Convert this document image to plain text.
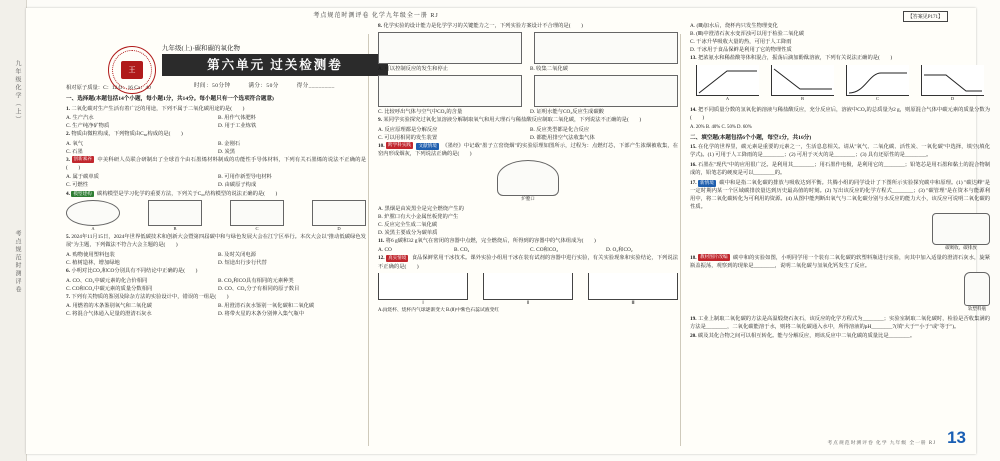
九年级化学（上）
考点规范时测评卷
考点规范时测评卷 化学九年级全一册 RJ	【答案见P171】
王
九年级(上)·碳和碳的氧化物
第六单元 过关检测卷
时间：50分钟	满分：50分	得分________

相对原子质量：C：12 O：16 Ca：40

一、选择题(本题包括14个小题，每小题1分，共14分。每小题只有一个选项符合题意)

1. 二氧化碳对生产生活有着广泛的用途，下列不属于二氧化碳用途的是(　　)

A. 生产汽水	B. 用作气体肥料
C. 生产纯净矿物质	D. 用于工业炼铁

2. 物质由微粒构成，下列物质由C₆₀构成的是(　　)

A. 氧气	B. 金刚石
C. 石墨	D. 炭黑

3. 创新素养 中美科研人员联合研制出了全球首个由石墨烯材料制成的功能性手导体材料，下列有关石墨烯的说法不正确的是(　　)

A. 属于碳单质	B. 可用作新型导电材料
C. 可燃性	D. 由碳原子构成

4. 模型建构 碳构模型是学习化学的重要方法，下列关于C₆₀结构模型的说法正确的是(　　)

A	B	C	D

5. 2024年11月15日，2024年世界低碳技术和创新大会暨第四届碳中和与绿色发展大会在江宁区举行。本次大会以"推动低碳绿色发展"为主题，下列做法不符合大会主题的是(　　)

A. 购物使用塑料包装	B. 及时关闭电源
C. 植树造林，增加绿地	D. 短途出行步行代替

6. 小明对比CO₂和CO分别具有不同结论中正确的是(　　)

A. CO、CO₂中碳元素的化合价相同	B. CO₂和CO具有相同的元素种类
C. CO和CO₂中碳元素的质量分数相同	D. CO、CO₂分子有相同的原子数目

7. 下列有关物质的鉴别及除杂方法的实验设计中，错误的一组是(　　)

A. 用燃着的木条鉴别氧气和二氧化碳	B. 用澄清石灰水鉴别一氧化碳和二氧化碳
C. 将混合气体通入足量的澄清石灰水	D. 将带火星的木条分别伸入集气瓶中

8. 化学实验的设计能力是化学学习的关键能力之一，下列实验方案设计不合理的是(　　)

A. 可以控制反应的发生和停止	B. 收集二氧化碳
C. 比较呼出气体与空气中CO₂的含量	D. 证明水能与CO₂反应生成碳酸

9. 某同学实验探究过氧化氢溶液分解制取氧气和用大理石与稀盐酸反应制取二氧化碳，下列说法不正确的是(　　)

A. 反应原理都是分解反应	B. 反应类型都是化合反应
C. 可以用相同的发生装置	D. 都能用排空气法收集气体

10. 跨学科实践 文献情境 《墨经》中记载"墨子立窑烧烟"的实验原理如图所示，过程为：点燃灯芯，下部产生浓烟被收集，在窑内形成烟灰，下列说法正确的是(　　)

炉膛口
A. 黑烟是由炭黑全是完全燃烧产生的
B. 炉膛口有大小金属丝板凳的产生
C. 反应完全生成二氧化碳
D. 炭黑主要成分为碳单质

11. 将6 g碳和32 g氧气在密闭的容器中点燃，完全燃烧后，所得到的容器中的气体组成为(　　)

A. CO	B. CO₂	C. CO和CO₂	D. O₂和CO₂

12. 真实情境 食品保鲜常用干冰技术。课外实验小组用干冰在装有试剂的容器中进行实验，有关实验现象和实验结论，下列说法不正确的是(　　)

Ⅰ	Ⅱ	Ⅲ

A.(Ⅰ)烧杯、烧杯内气球逐渐变大 B.(Ⅱ)中紫色石蕊试液变红

A. (Ⅲ)加水后，烧杯内只发生物理变化
B. (Ⅲ)中澄清石灰水变浑浊可以用于检验二氧化碳
C. 干冰升华吸收大量的热，可用于人工降雨
D. 干冰用于食品保鲜是利用了它的物理性质

13. 把浓氨水和稀盐酸等体积混合，振荡后滴加酚酞溶液，下列有关说法正确的是(　　)

A	B	C	D

14. 把不同质量分数的氢氧化钠溶液与稀盐酸反应，充分反应后，溶液中CO₂的总质量为2 g，则原混合气体中碳元素的质量分数为(　　)

A. 20% B. 40% C. 50% D. 60%

二、填空题(本题包括6个小题，每空1分，共16分)

15. 在化学的世界里，碳元素是重要的元素之一，生活息息相关。请从"氧气、二氧化碳、活性炭、一氧化碳"中选择，填空(填化学式)。(1) 可用于人工降雨的是________；(2) 可用于灭火的是________；(3) 具有还原性的是________。

16. 石墨在"现代"中的应用很广泛。是利用其________；用石墨作电极，是利用它的________；铅笔芯是用石墨和黏土的混合物制成的，铅笔芯的硬度是可以________的。

17. 新情境 碳中和是指二氧化碳的排放与吸收达到平衡。共腾小组的同学设计了下图所示实验探究碳中和原理。(1) "碳达峰"是一定时期内某一个区域碳排放量达到历史最高值的时刻。(2) 写出该反应的化学方程式________；(3) "碳管理"是在资本与能源利用中，将二氧化碳转化为可利用的资源。(4) 从图中能判断出氧气与二氧化碳分别与水反应的能力大小，该反应可说明二氧化碳的性质。

碳吸收、碳排放

18. 教材图片改编 碳中和的实验如图，小明同学用一个装有二氧化碳的软塑料瓶进行实验，向其中加入适量的澄清石灰水，旋紧瓶盖振荡，观察到的现象是________，说明二氧化碳与氢氧化钙发生了反应。

软塑料瓶

19. 工业上制取二氧化碳的方法是高温煅烧石灰石，该反应的化学方程式为________；实验室制取二氧化碳时，检验是否收集满的方法是________，二氧化碳能溶于水，则将二氧化碳通入水中，所得溶液的pH________7(填"大于""小于"或"等于")。

20. 碳及其化合物之间可以相互转化。能与分解反应，则该反应中二氧化碳的质量比是________。

考点规范时测评卷 化学 九年级 全一册 RJ 13
